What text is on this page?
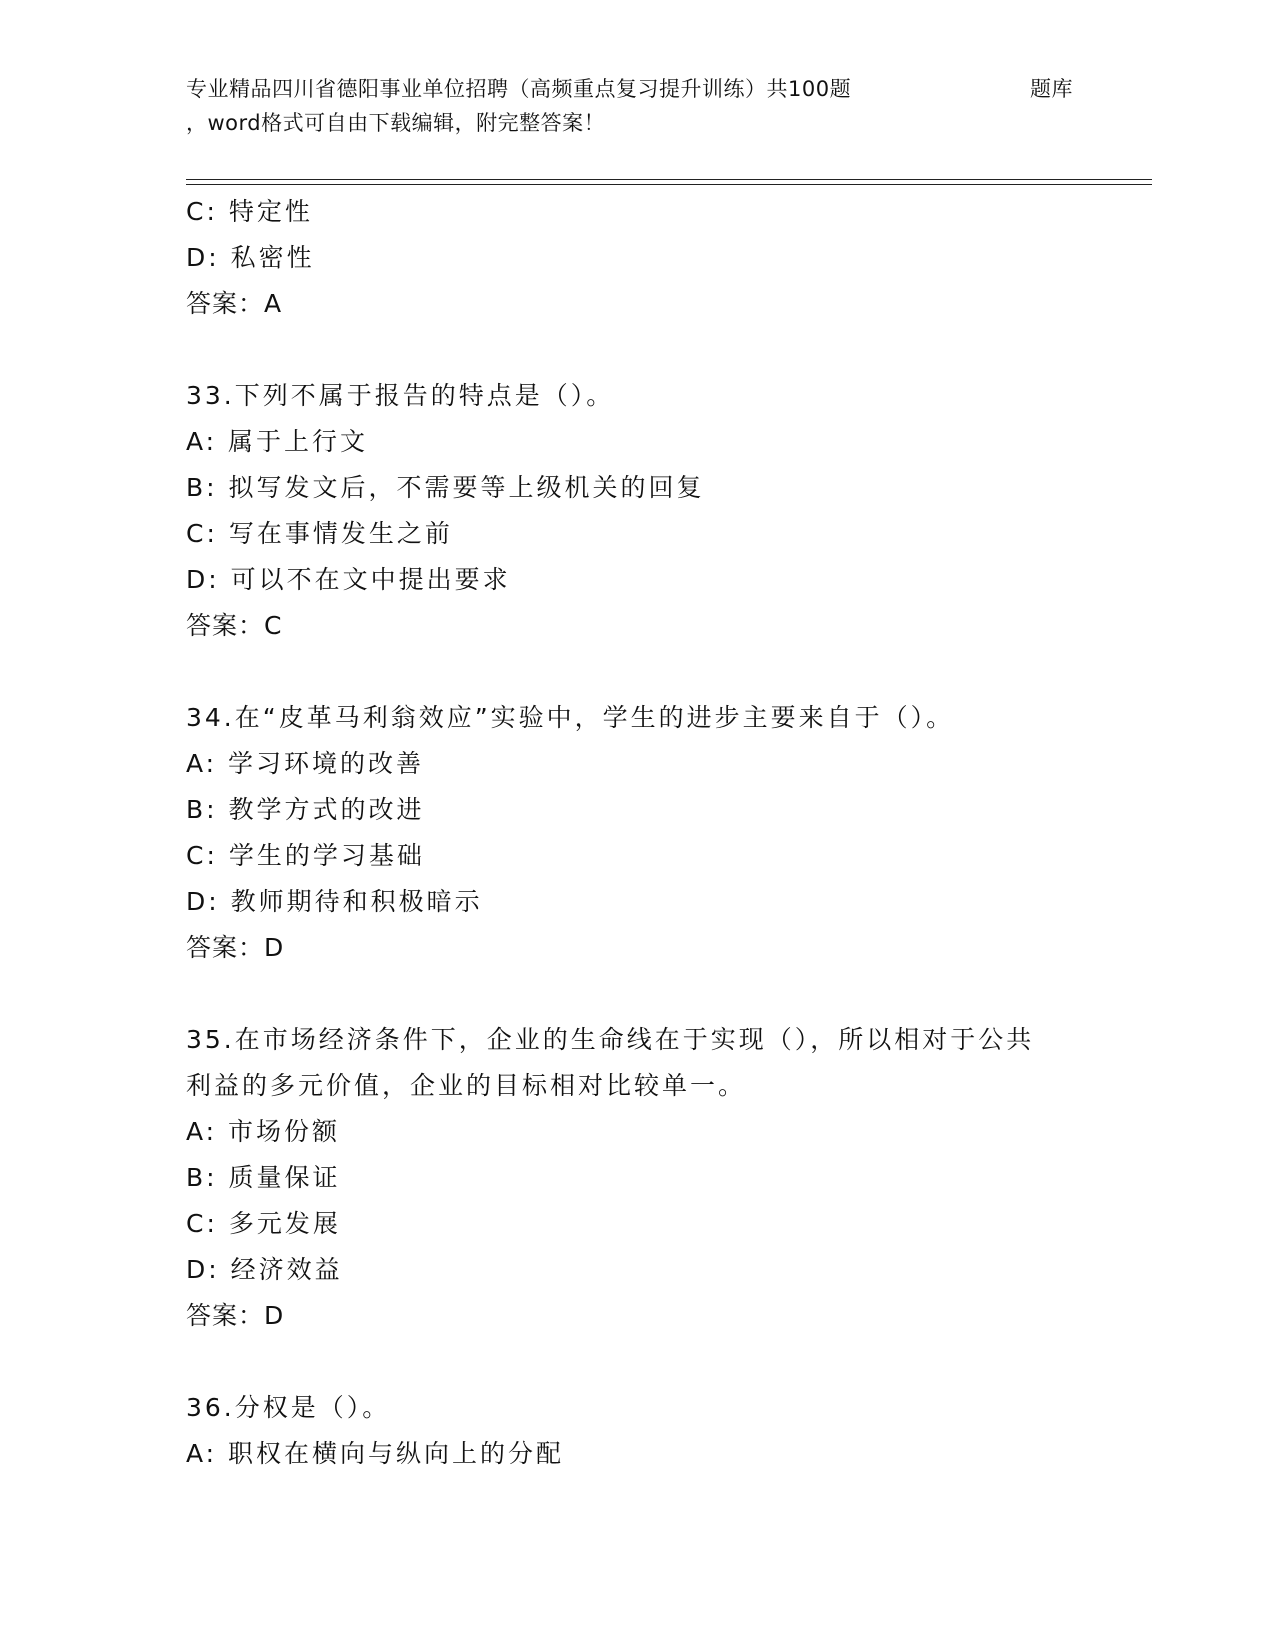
专业精品四川省德阳事业单位招聘（高频重点复习提升训练）共100题	题库
，word格式可自由下载编辑，附完整答案！
C: 特定性
D: 私密性
答案：A
33.下列不属于报告的特点是（）。
A: 属于上行文
B: 拟写发文后，不需要等上级机关的回复
C: 写在事情发生之前
D: 可以不在文中提出要求
答案：C
34.在“皮革马利翁效应”实验中，学生的进步主要来自于（）。
A: 学习环境的改善
B: 教学方式的改进
C: 学生的学习基础
D: 教师期待和积极暗示
答案：D
35.在市场经济条件下，企业的生命线在于实现（），所以相对于公共
利益的多元价值，企业的目标相对比较单一。
A: 市场份额
B: 质量保证
C: 多元发展
D: 经济效益
答案：D
36.分权是（）。
A: 职权在横向与纵向上的分配
